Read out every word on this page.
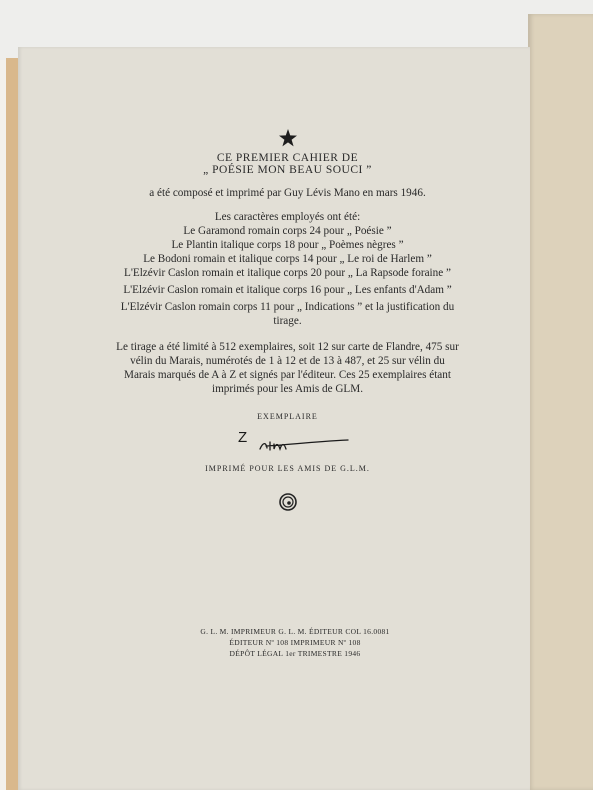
CE PREMIER CAHIER DE
„ POÉSIE MON BEAU SOUCI ”
a été composé et imprimé par Guy Lévis Mano en mars 1946.
Les caractères employés ont été:
Le Garamond romain corps 24 pour „ Poésie ”
Le Plantin italique corps 18 pour „ Poèmes nègres ”
Le Bodoni romain et italique corps 14 pour „ Le roi de Harlem ”
L'Elzévir Caslon romain et italique corps 20 pour „ La Rapsode foraine ”
L'Elzévir Caslon romain et italique corps 16 pour „ Les enfants d'Adam ”
L'Elzévir Caslon romain corps 11 pour „ Indications ” et la justification du tirage.
Le tirage a été limité à 512 exemplaires, soit 12 sur carte de Flandre, 475 sur vélin du Marais, numérotés de 1 à 12 et de 13 à 487, et 25 sur vélin du Marais marqués de A à Z et signés par l'éditeur. Ces 25 exemplaires étant imprimés pour les Amis de GLM.
EXEMPLAIRE
Z
IMPRIMÉ POUR LES AMIS DE G.L.M.
G. L. M. IMPRIMEUR G. L. M. ÉDITEUR COL 16.0081
ÉDITEUR Nº 108 IMPRIMEUR Nº 108
DÉPÔT LÉGAL 1er TRIMESTRE 1946
